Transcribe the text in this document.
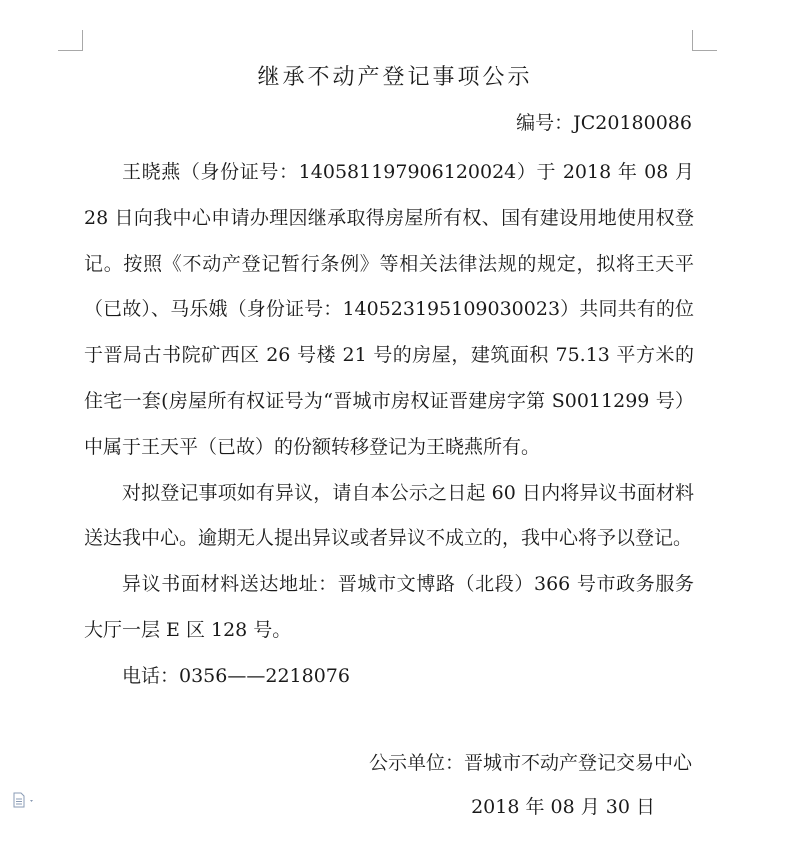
继承不动产登记事项公示
编号：JC20180086

王晓燕（身份证号：140581197906120024）于 2018 年 08 月 28 日向我中心申请办理因继承取得房屋所有权、国有建设用地使用权登记。按照《不动产登记暂行条例》等相关法律法规的规定，拟将王天平（已故）、马乐娥（身份证号：140523195109030023）共同共有的位于晋局古书院矿西区 26 号楼 21 号的房屋，建筑面积 75.13 平方米的住宅一套(房屋所有权证号为“晋城市房权证晋建房字第 S0011299 号）中属于王天平（已故）的份额转移登记为王晓燕所有。

对拟登记事项如有异议，请自本公示之日起 60 日内将异议书面材料送达我中心。逾期无人提出异议或者异议不成立的，我中心将予以登记。

异议书面材料送达地址：晋城市文博路（北段）366 号市政务服务大厅一层 E 区 128 号。

电话：0356——2218076

公示单位：晋城市不动产登记交易中心
2018 年 08 月 30 日
